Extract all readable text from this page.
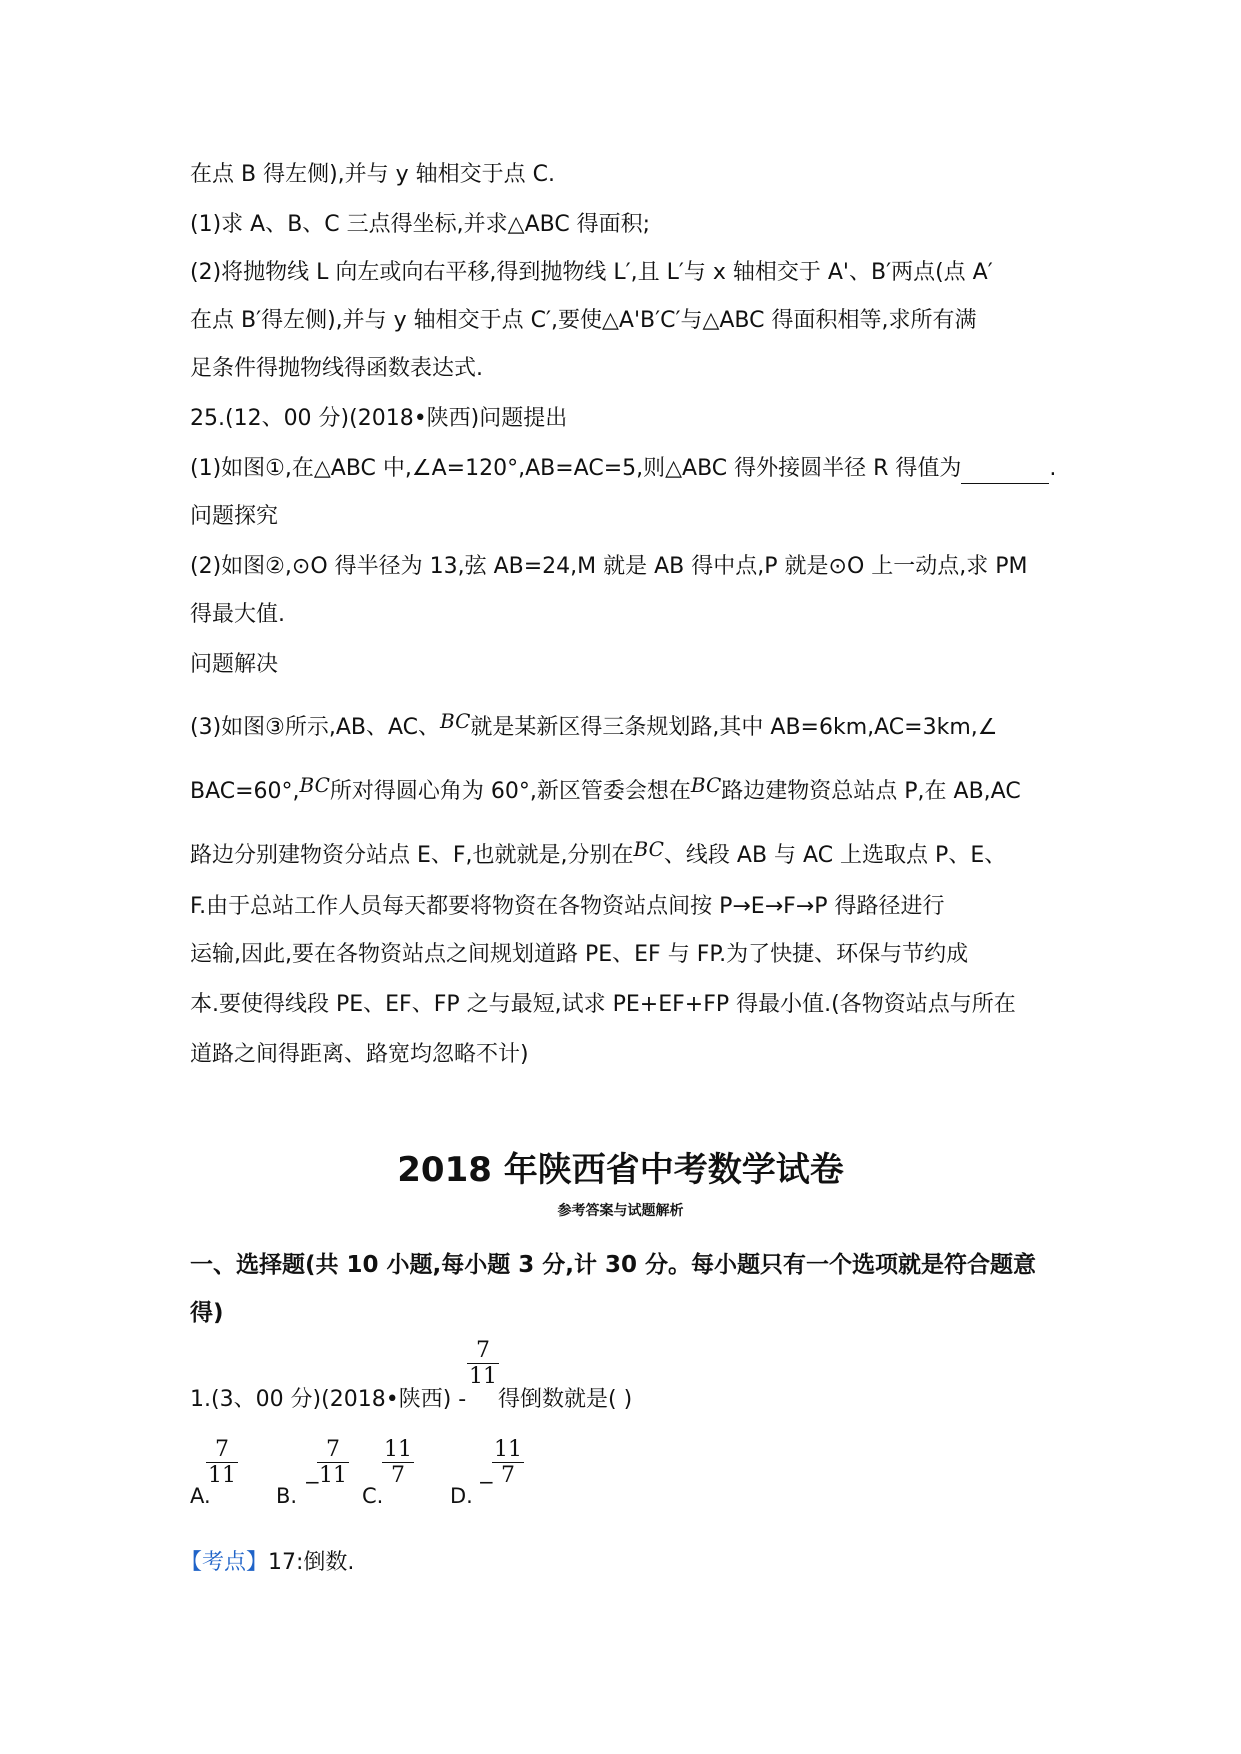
在点 B 得左侧),并与 y 轴相交于点 C.
(1)求 A、B、C 三点得坐标,并求△ABC 得面积;
(2)将抛物线 L 向左或向右平移,得到抛物线 L′,且 L′与 x 轴相交于 A'、B′两点(点 A′
在点 B′得左侧),并与 y 轴相交于点 C′,要使△A'B′C′与△ABC 得面积相等,求所有满
足条件得抛物线得函数表达式.
25.(12、00 分)(2018•陕西)问题提出
(1)如图①,在△ABC 中,∠A=120°,AB=AC=5,则△ABC 得外接圆半径 R 得值为	.
问题探究
(2)如图②,⊙O 得半径为 13,弦 AB=24,M 就是 AB 得中点,P 就是⊙O 上一动点,求 PM
得最大值.
问题解决
(3)如图③所示,AB、AC、BC就是某新区得三条规划路,其中 AB=6km,AC=3km,∠
BAC=60°,BC所对得圆心角为 60°,新区管委会想在BC路边建物资总站点 P,在 AB,AC
路边分别建物资分站点 E、F,也就就是,分别在BC、线段 AB 与 AC 上选取点 P、E、
F.由于总站工作人员每天都要将物资在各物资站点间按 P→E→F→P 得路径进行
运输,因此,要在各物资站点之间规划道路 PE、EF 与 FP.为了快捷、环保与节约成
本.要使得线段 PE、EF、FP 之与最短,试求 PE+EF+FP 得最小值.(各物资站点与所在
道路之间得距离、路宽均忽略不计)
2018 年陕西省中考数学试卷
参考答案与试题解析
一、选择题(共 10 小题,每小题 3 分,计 30 分。每小题只有一个选项就是符合题意
得)
1.(3、00 分)(2018•陕西) -
7
11
得倒数就是( )
A.
7
11
B.
−
7
11
C.
11
7
D.
−
11
7
【考点】17:倒数.
